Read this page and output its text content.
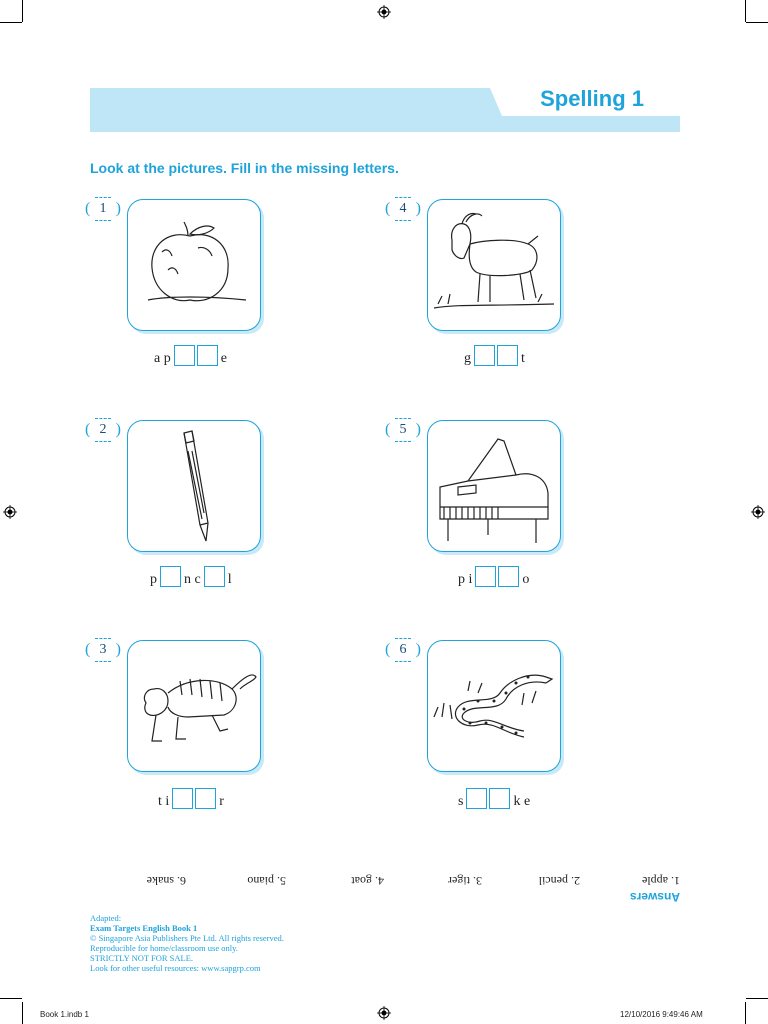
Spelling 1
Look at the pictures. Fill in the missing letters.
( 1 )
a p	e
( 2 )
p n c l
( 3 )
t i	r
( 4 )
g	t
( 5 )
p i	o
( 6 )
s	k e
1. apple
2. pencil
3. tiger
4. goat
5. piano
6. snake
Answers
Adapted:
Exam Targets English Book 1
© Singapore Asia Publishers Pte Ltd. All rights reserved.
Reproducible for home/classroom use only.
STRICTLY NOT FOR SALE.
Look for other useful resources: www.sapgrp.com
Book 1.indb 1	12/10/2016 9:49:46 AM
